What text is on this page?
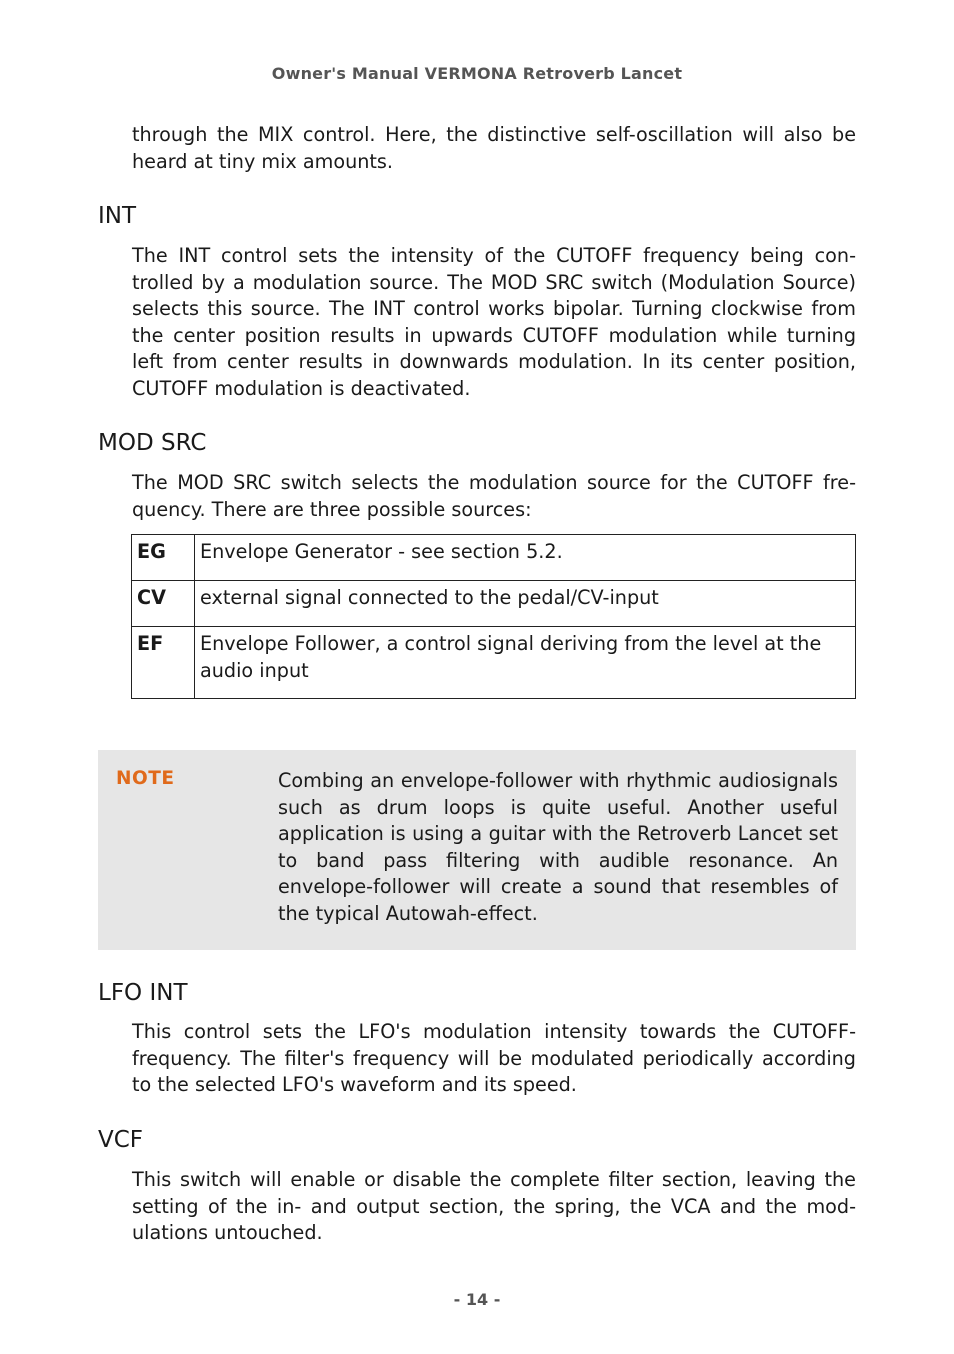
Owner's Manual VERMONA Retroverb Lancet

through the MIX control. Here, the distinctive self-oscillation will also be heard at tiny mix amounts.

INT

The INT control sets the intensity of the CUTOFF frequency being controlled by a modulation source. The MOD SRC switch (Modulation Source) selects this source. The INT control works bipolar. Turning clockwise from the center position results in upwards CUTOFF modulation while turning left from center results in downwards modulation. In its center position, CUTOFF modulation is deactivated.

MOD SRC

The MOD SRC switch selects the modulation source for the CUTOFF frequency. There are three possible sources:

EG	Envelope Generator - see section 5.2.
CV	external signal connected to the pedal/CV-input
EF	Envelope Follower, a control signal deriving from the level at the audio input
NOTE	Combing an envelope-follower with rhythmic audiosignals such as drum loops is quite useful. Another useful application is using a guitar with the Retroverb Lancet set to band pass filtering with audible resonance. An envelope-follower will create a sound that resembles of the typical Autowah-effect.

LFO INT

This control sets the LFO's modulation intensity towards the CUTOFF-frequency. The filter's frequency will be modulated periodically according to the selected LFO's waveform and its speed.

VCF

This switch will enable or disable the complete filter section, leaving the setting of the in- and output section, the spring, the VCA and the modulations untouched.

- 14 -
